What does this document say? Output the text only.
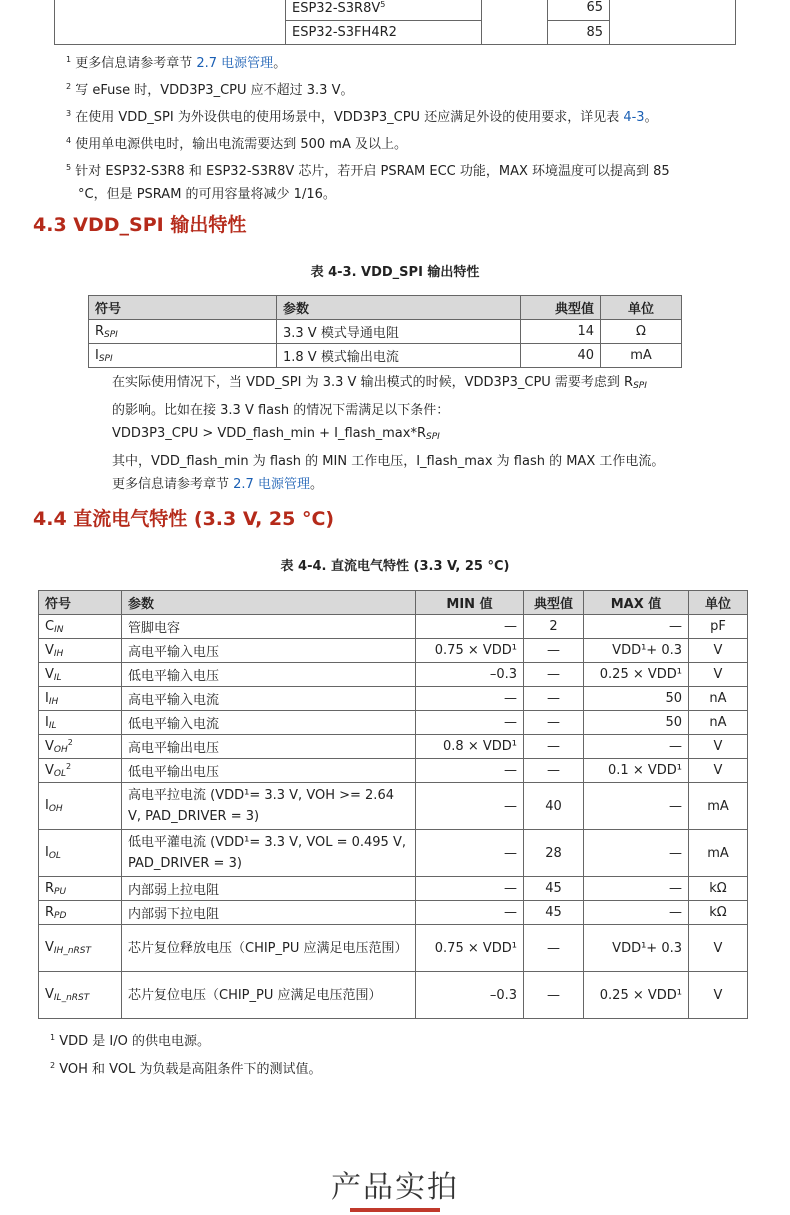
	$ESP32-S3R8V^5$		65	
	ESP32-S3FH4R2		85	
$^1$ 更多信息请参考章节 2.7 电源管理。
$^2$ 写 eFuse 时，VDD3P3_CPU 应不超过 3.3 V。
$^3$ 在使用 VDD_SPI 为外设供电的使用场景中，VDD3P3_CPU 还应满足外设的使用要求，详见表 4-3。
$^4$ 使用单电源供电时，输出电流需要达到 500 mA 及以上。
$^5$ 针对 ESP32-S3R8 和 ESP32-S3R8V 芯片，若开启 PSRAM ECC 功能，MAX 环境温度可以提高到 85
°C，但是 PSRAM 的可用容量将减少 1/16。
4.3 VDD_SPI 输出特性
表 4-3. VDD_SPI 输出特性
符号	参数	典型值	单位
$R_{SPI}$	3.3 V 模式导通电阻	14	Ω
$I_{SPI}$	1.8 V 模式输出电流	40	mA
在实际使用情况下，当 VDD_SPI 为 3.3 V 输出模式的时候，VDD3P3_CPU 需要考虑到 $R_{SPI}$
的影响。比如在接 3.3 V flash 的情况下需满足以下条件：
VDD3P3_CPU > VDD_flash_min + $I\_flash\_\max*R_{SPI}$
其中，VDD_flash_min 为 flash 的 MIN 工作电压，I_flash_max 为 flash 的 MAX 工作电流。
更多信息请参考章节 2.7 电源管理。
4.4 直流电气特性 (3.3 V, 25 °C)
表 4-4. 直流电气特性 (3.3 V, 25 °C)
符号	参数	MIN 值	典型值	MAX 值	单位
$C_{IN}$	管脚电容	—	2	—	pF
$V_{IH}$	高电平输入电压	0.75 × VDD¹	—	VDD¹+ 0.3	V
$V_{IL}$	低电平输入电压	–0.3	—	0.25 × VDD¹	V
$I_{IH}$	高电平输入电流	—	—	50	nA
$I_{IL}$	低电平输入电流	—	—	50	nA
$V_{OH}^2$	高电平输出电压	0.8 × VDD¹	—	—	V
$V_{OL}^2$	低电平输出电压	—	—	0.1 × VDD¹	V
$I_{OH}$	高电平拉电流 (VDD¹= 3.3 V, VOH >= 2.64 V, PAD_DRIVER = 3)	—	40	—	mA
$I_{OL}$	低电平灌电流 (VDD¹= 3.3 V, VOL = 0.495 V, PAD_DRIVER = 3)	—	28	—	mA
$R_{PU}$	内部弱上拉电阻	—	45	—	kΩ
$R_{PD}$	内部弱下拉电阻	—	45	—	kΩ
$V_{IH\_nRST}$	芯片复位释放电压（CHIP_PU 应满足电压范围）	0.75 × VDD¹	—	VDD¹+ 0.3	V
$V_{IL\_nRST}$	芯片复位电压（CHIP_PU 应满足电压范围）	–0.3	—	0.25 × VDD¹	V
$^1$ VDD 是 I/O 的供电电源。
$^2$ VOH 和 VOL 为负载是高阻条件下的测试值。
产品实拍
